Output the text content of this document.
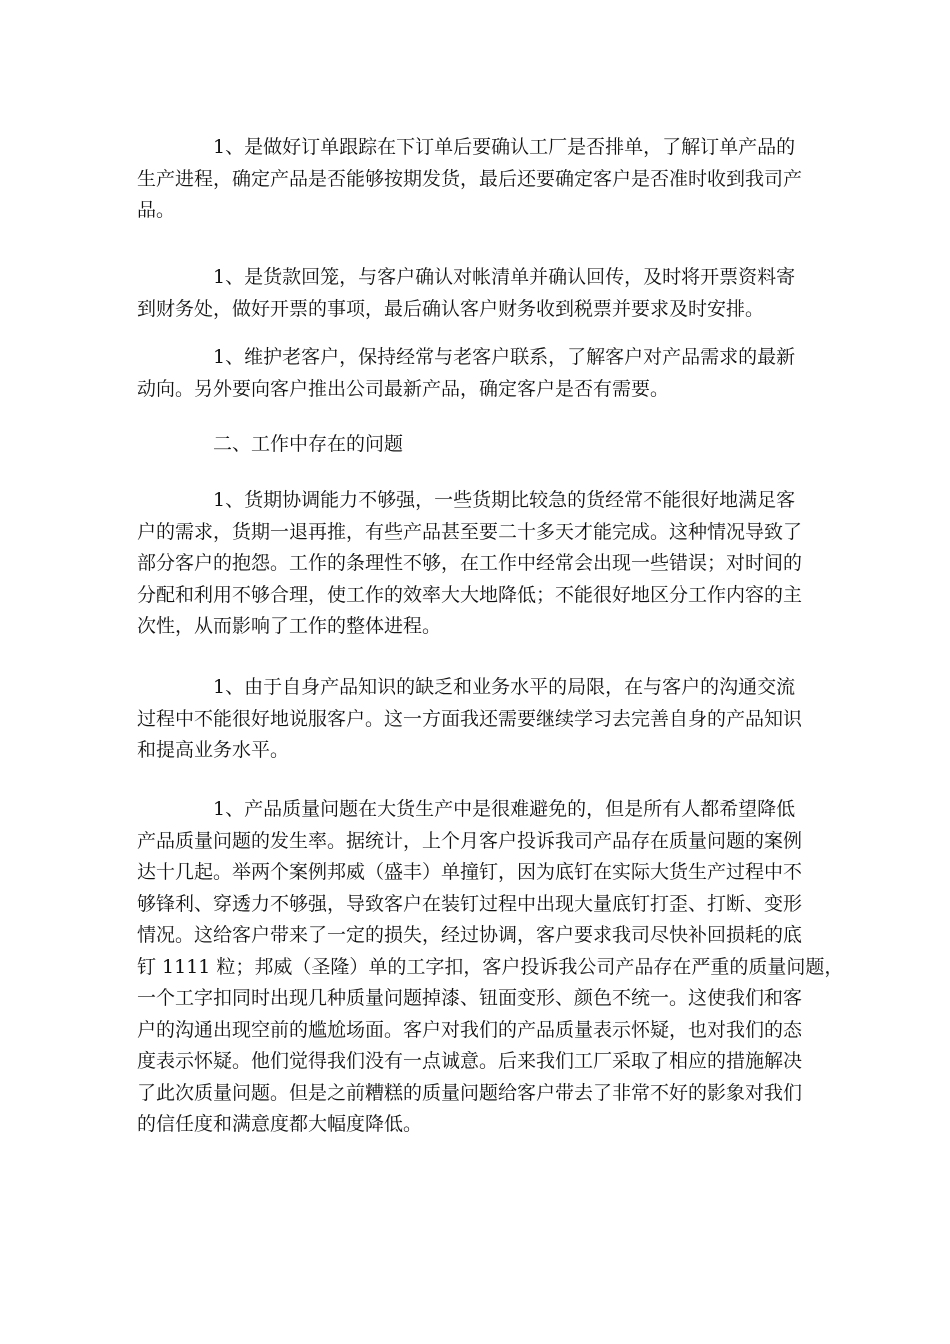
1、是做好订单跟踪在下订单后要确认工厂是否排单，了解订单产品的
生产进程，确定产品是否能够按期发货，最后还要确定客户是否准时收到我司产
品。
1、是货款回笼，与客户确认对帐清单并确认回传，及时将开票资料寄
到财务处，做好开票的事项，最后确认客户财务收到税票并要求及时安排。
1、维护老客户，保持经常与老客户联系，了解客户对产品需求的最新
动向。另外要向客户推出公司最新产品，确定客户是否有需要。
二、工作中存在的问题
1、货期协调能力不够强，一些货期比较急的货经常不能很好地满足客
户的需求，货期一退再推，有些产品甚至要二十多天才能完成。这种情况导致了
部分客户的抱怨。工作的条理性不够，在工作中经常会出现一些错误；对时间的
分配和利用不够合理，使工作的效率大大地降低；不能很好地区分工作内容的主
次性，从而影响了工作的整体进程。
1、由于自身产品知识的缺乏和业务水平的局限，在与客户的沟通交流
过程中不能很好地说服客户。这一方面我还需要继续学习去完善自身的产品知识
和提高业务水平。
1、产品质量问题在大货生产中是很难避免的，但是所有人都希望降低
产品质量问题的发生率。据统计，上个月客户投诉我司产品存在质量问题的案例
达十几起。举两个案例邦威（盛丰）单撞钉，因为底钉在实际大货生产过程中不
够锋利、穿透力不够强，导致客户在装钉过程中出现大量底钉打歪、打断、变形
情况。这给客户带来了一定的损失，经过协调，客户要求我司尽快补回损耗的底
钉 1111 粒；邦威（圣隆）单的工字扣，客户投诉我公司产品存在严重的质量问题，
一个工字扣同时出现几种质量问题掉漆、钮面变形、颜色不统一。这使我们和客
户的沟通出现空前的尴尬场面。客户对我们的产品质量表示怀疑，也对我们的态
度表示怀疑。他们觉得我们没有一点诚意。后来我们工厂采取了相应的措施解决
了此次质量问题。但是之前糟糕的质量问题给客户带去了非常不好的影象对我们
的信任度和满意度都大幅度降低。
